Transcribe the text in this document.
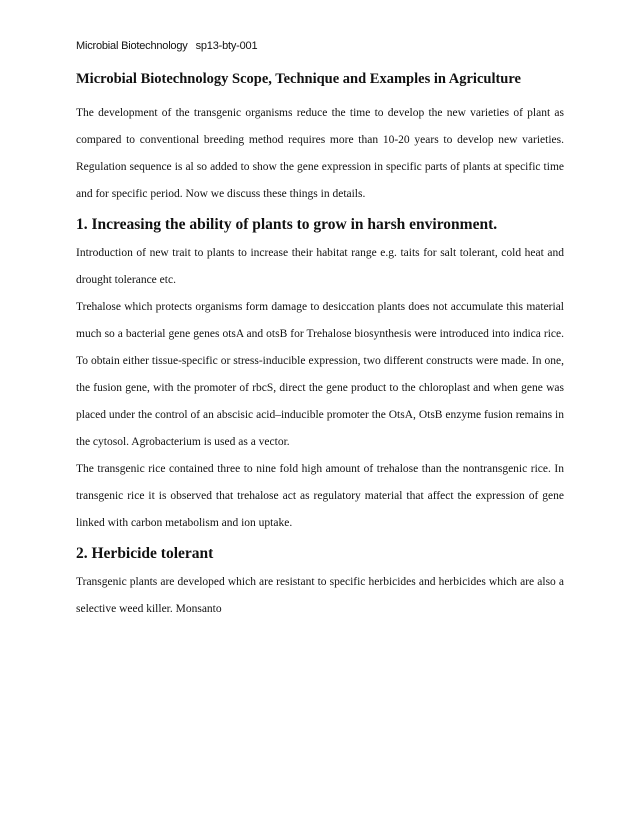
Microbial Biotechnology sp13-bty-001
Microbial Biotechnology Scope, Technique and Examples in Agriculture

The development of the transgenic organisms reduce the time to develop the new varieties of plant as compared to conventional breeding method requires more than 10-20 years to develop new varieties. Regulation sequence is al so added to show the gene expression in specific parts of plants at specific time and for specific period. Now we discuss these things in details.

1. Increasing the ability of plants to grow in harsh environment.

Introduction of new trait to plants to increase their habitat range e.g. taits for salt tolerant, cold heat and drought tolerance etc.

Trehalose which protects organisms form damage to desiccation plants does not accumulate this material much so a bacterial gene genes otsA and otsB for Trehalose biosynthesis were introduced into indica rice. To obtain either tissue-specific or stress-inducible expression, two different constructs were made. In one, the fusion gene, with the promoter of rbcS, direct the gene product to the chloroplast and when gene was placed under the control of an abscisic acid–inducible promoter the OtsA, OtsB enzyme fusion remains in the cytosol. Agrobacterium is used as a vector.

The transgenic rice contained three to nine fold high amount of trehalose than the nontransgenic rice. In transgenic rice it is observed that trehalose act as regulatory material that affect the expression of gene linked with carbon metabolism and ion uptake.

2. Herbicide tolerant

Transgenic plants are developed which are resistant to specific herbicides and herbicides which are also a selective weed killer. Monsanto
